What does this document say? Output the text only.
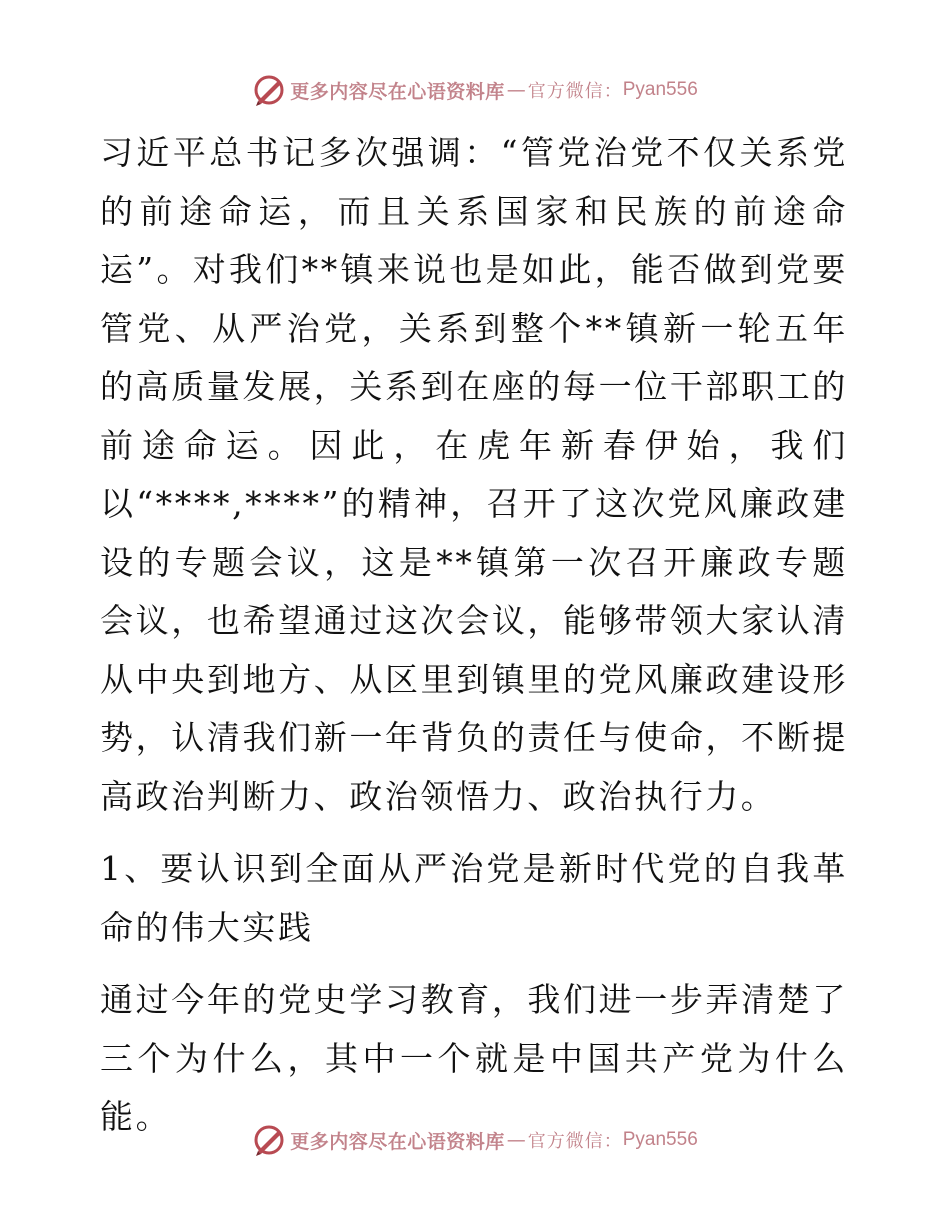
更多内容尽在心语资料库 — 官方微信： Pyan556

习近平总书记多次强调：“管党治党不仅关系党的前途命运，而且关系国家和民族的前途命运”。对我们**镇来说也是如此，能否做到党要管党、从严治党，关系到整个**镇新一轮五年的高质量发展，关系到在座的每一位干部职工的前途命运。因此，在虎年新春伊始，我们以“****,****”的精神，召开了这次党风廉政建设的专题会议，这是**镇第一次召开廉政专题会议，也希望通过这次会议，能够带领大家认清从中央到地方、从区里到镇里的党风廉政建设形势，认清我们新一年背负的责任与使命，不断提高政治判断力、政治领悟力、政治执行力。

1、要认识到全面从严治党是新时代党的自我革命的伟大实践

通过今年的党史学习教育，我们进一步弄清楚了三个为什么，其中一个就是中国共产党为什么能。

更多内容尽在心语资料库 — 官方微信： Pyan556
